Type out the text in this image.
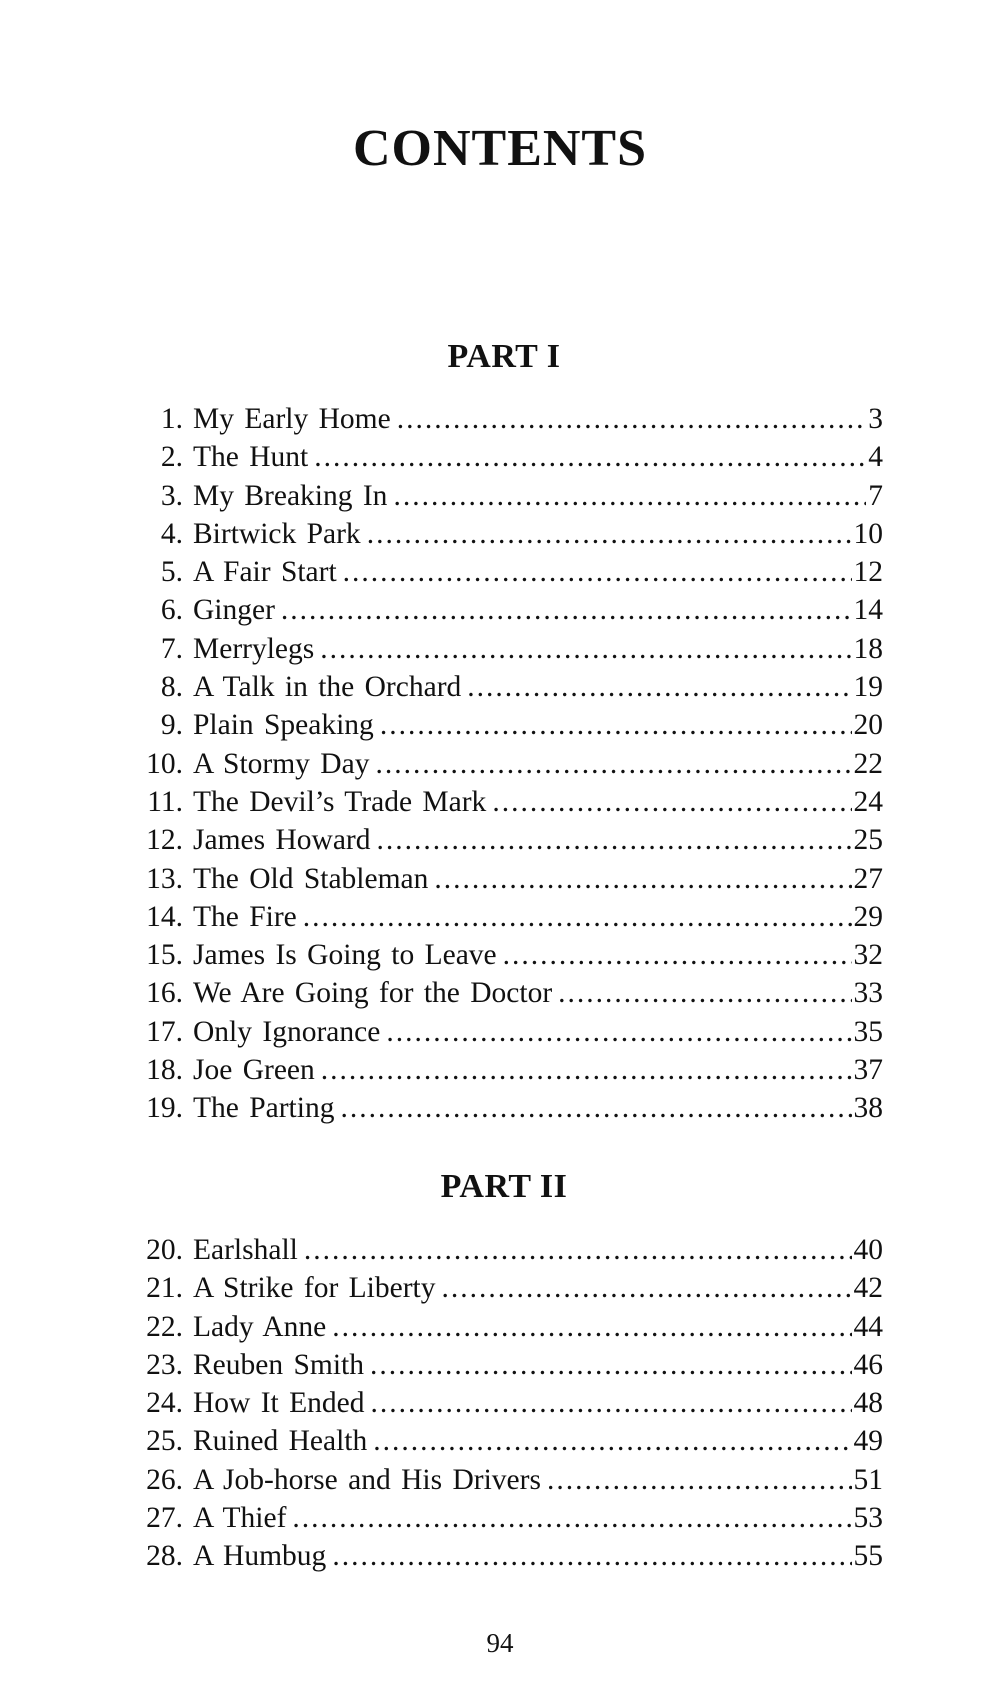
CONTENTS
PART I
1. My Early Home .....	3
2. The Hunt .....	4
3. My Breaking In .....	7
4. Birtwick Park .....	10
5. A Fair Start .....	12
6. Ginger .....	14
7. Merrylegs .....	18
8. A Talk in the Orchard .....	19
9. Plain Speaking .....	20
10. A Stormy Day .....	22
11. The Devil’s Trade Mark .....	24
12. James Howard .....	25
13. The Old Stableman .....	27
14. The Fire .....	29
15. James Is Going to Leave .....	32
16. We Are Going for the Doctor .....	33
17. Only Ignorance .....	35
18. Joe Green .....	37
19. The Parting .....	38
PART II
20. Earlshall .....	40
21. A Strike for Liberty .....	42
22. Lady Anne .....	44
23. Reuben Smith .....	46
24. How It Ended .....	48
25. Ruined Health .....	49
26. A Job-horse and His Drivers .....	51
27. A Thief .....	53
28. A Humbug .....	55
94
